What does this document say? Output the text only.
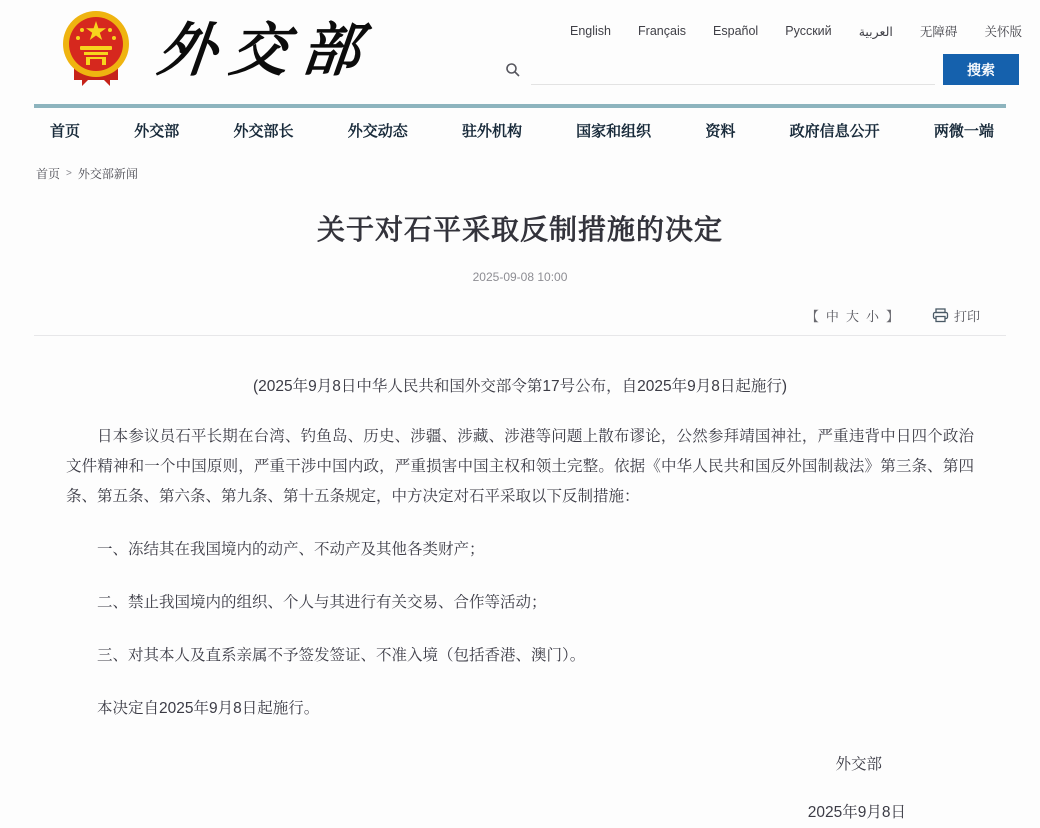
外交部	English Français Español Русский العربية 无障碍 关怀版
搜索
首页	外交部	外交部长	外交动态	驻外机构	国家和组织	资料	政府信息公开	两微一端
首页 > 外交部新闻
关于对石平采取反制措施的决定
2025-09-08 10:00
【 中 大 小 】	打印

(2025年9月8日中华人民共和国外交部令第17号公布，自2025年9月8日起施行)

日本参议员石平长期在台湾、钓鱼岛、历史、涉疆、涉藏、涉港等问题上散布谬论，公然参拜靖国神社，严重违背中日四个政治文件精神和一个中国原则，严重干涉中国内政，严重损害中国主权和领土完整。依据《中华人民共和国反外国制裁法》第三条、第四条、第五条、第六条、第九条、第十五条规定，中方决定对石平采取以下反制措施：

一、冻结其在我国境内的动产、不动产及其他各类财产；

二、禁止我国境内的组织、个人与其进行有关交易、合作等活动；

三、对其本人及直系亲属不予签发签证、不准入境（包括香港、澳门）。

本决定自2025年9月8日起施行。

外交部
2025年9月8日
